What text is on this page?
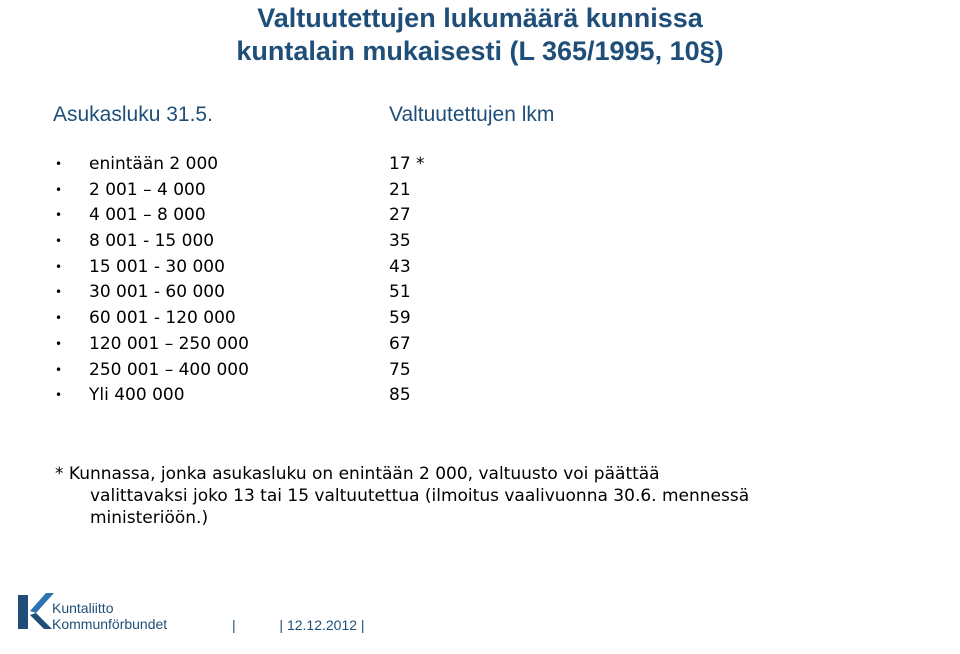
Valtuutettujen lukumäärä kunnissa
kuntalain mukaisesti (L 365/1995, 10§)
Asukasluku 31.5.	Valtuutettujen lkm
• enintään 2 000	17 *
• 2 001 – 4 000	21
• 4 001 – 8 000	27
• 8 001 - 15 000	35
• 15 001 - 30 000	43
• 30 001 - 60 000	51
• 60 001 - 120 000	59
• 120 001 – 250 000	67
• 250 001 – 400 000	75
• Yli 400 000	85
* Kunnassa, jonka asukasluku on enintään 2 000, valtuusto voi päättää
valittavaksi joko 13 tai 15 valtuutettua (ilmoitus vaalivuonna 30.6. mennessä
ministeriöön.)
Kuntaliitto
Kommunförbundet	|	| 12.12.2012 |
